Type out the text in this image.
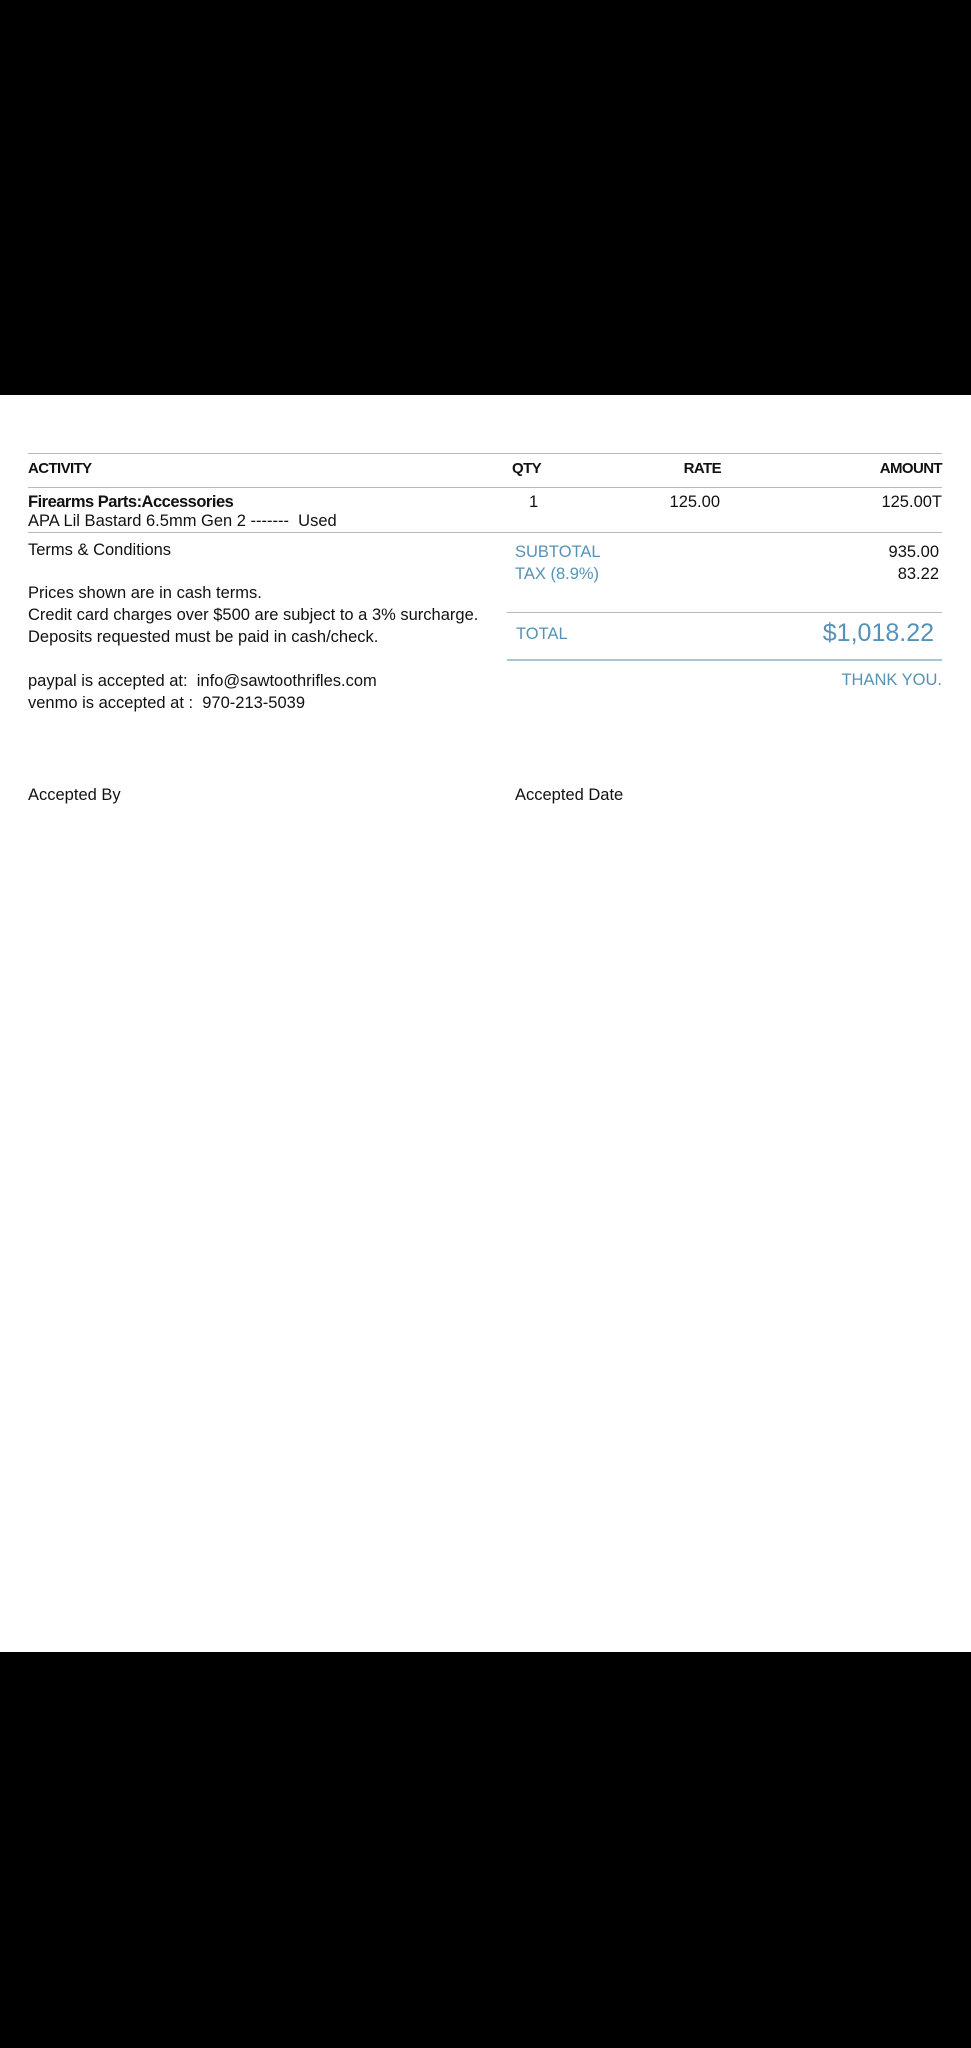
ACTIVITY	QTY	RATE	AMOUNT
Firearms Parts:Accessories
APA Lil Bastard 6.5mm Gen 2 -------  Used
1	125.00	125.00T
Terms & Conditions
Prices shown are in cash terms.
Credit card charges over $500 are subject to a 3% surcharge.
Deposits requested must be paid in cash/check.
paypal is accepted at:  info@sawtoothrifles.com
venmo is accepted at :  970-213-5039
SUBTOTAL	935.00
TAX (8.9%)	83.22
TOTAL	$1,018.22
THANK YOU.
Accepted By	Accepted Date
